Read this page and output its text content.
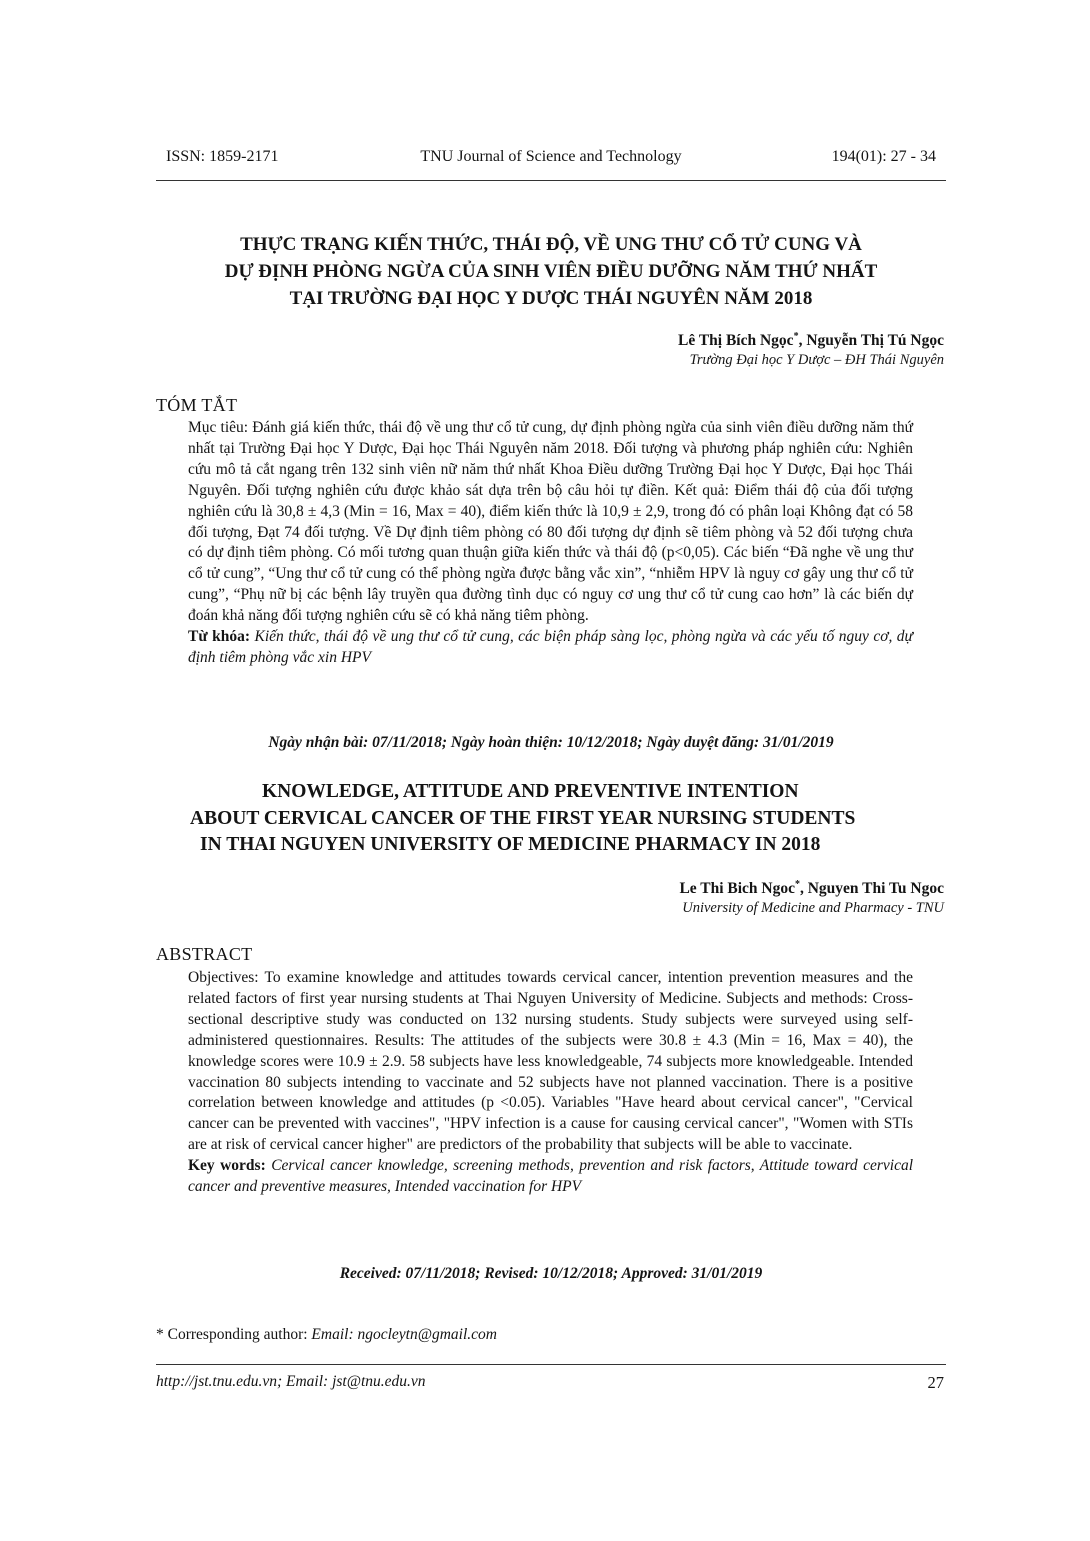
ISSN: 1859-2171	TNU Journal of Science and Technology	194(01): 27 - 34
THỰC TRẠNG KIẾN THỨC, THÁI ĐỘ, VỀ UNG THƯ CỔ TỬ CUNG VÀ
DỰ ĐỊNH PHÒNG NGỪA CỦA SINH VIÊN ĐIỀU DƯỠNG NĂM THỨ NHẤT
TẠI TRƯỜNG ĐẠI HỌC Y DƯỢC THÁI NGUYÊN NĂM 2018
Lê Thị Bích Ngọc*, Nguyễn Thị Tú Ngọc
Trường Đại học Y Dược – ĐH Thái Nguyên
TÓM TẮT
Mục tiêu: Đánh giá kiến thức, thái độ về ung thư cổ tử cung, dự định phòng ngừa của sinh viên điều dưỡng năm thứ nhất tại Trường Đại học Y Dược, Đại học Thái Nguyên năm 2018. Đối tượng và phương pháp nghiên cứu: Nghiên cứu mô tả cắt ngang trên 132 sinh viên nữ năm thứ nhất Khoa Điều dưỡng Trường Đại học Y Dược, Đại học Thái Nguyên. Đối tượng nghiên cứu được khảo sát dựa trên bộ câu hỏi tự điền. Kết quả: Điểm thái độ của đối tượng nghiên cứu là 30,8 ± 4,3 (Min = 16, Max = 40), điểm kiến thức là 10,9 ± 2,9, trong đó có phân loại Không đạt có 58 đối tượng, Đạt 74 đối tượng. Về Dự định tiêm phòng có 80 đối tượng dự định sẽ tiêm phòng và 52 đối tượng chưa có dự định tiêm phòng. Có mối tương quan thuận giữa kiến thức và thái độ (p<0,05). Các biến “Đã nghe về ung thư cổ tử cung”, “Ung thư cổ tử cung có thể phòng ngừa được bằng vắc xin”, “nhiễm HPV là nguy cơ gây ung thư cổ tử cung”, “Phụ nữ bị các bệnh lây truyền qua đường tình dục có nguy cơ ung thư cổ tử cung cao hơn” là các biến dự đoán khả năng đối tượng nghiên cứu sẽ có khả năng tiêm phòng.
Từ khóa: Kiến thức, thái độ về ung thư cổ tử cung, các biện pháp sàng lọc, phòng ngừa và các yếu tố nguy cơ, dự định tiêm phòng vắc xin HPV
Ngày nhận bài: 07/11/2018; Ngày hoàn thiện: 10/12/2018; Ngày duyệt đăng: 31/01/2019
KNOWLEDGE, ATTITUDE AND PREVENTIVE INTENTION
ABOUT CERVICAL CANCER OF THE FIRST YEAR NURSING STUDENTS
IN THAI NGUYEN UNIVERSITY OF MEDICINE PHARMACY IN 2018
Le Thi Bich Ngoc*, Nguyen Thi Tu Ngoc
University of Medicine and Pharmacy - TNU
ABSTRACT
Objectives: To examine knowledge and attitudes towards cervical cancer, intention prevention measures and the related factors of first year nursing students at Thai Nguyen University of Medicine. Subjects and methods: Cross-sectional descriptive study was conducted on 132 nursing students. Study subjects were surveyed using self-administered questionnaires. Results: The attitudes of the subjects were 30.8 ± 4.3 (Min = 16, Max = 40), the knowledge scores were 10.9 ± 2.9. 58 subjects have less knowledgeable, 74 subjects more knowledgeable. Intended vaccination 80 subjects intending to vaccinate and 52 subjects have not planned vaccination. There is a positive correlation between knowledge and attitudes (p <0.05). Variables "Have heard about cervical cancer", "Cervical cancer can be prevented with vaccines", "HPV infection is a cause for causing cervical cancer", "Women with STIs are at risk of cervical cancer higher" are predictors of the probability that subjects will be able to vaccinate.
Key words: Cervical cancer knowledge, screening methods, prevention and risk factors, Attitude toward cervical cancer and preventive measures, Intended vaccination for HPV
Received: 07/11/2018; Revised: 10/12/2018; Approved: 31/01/2019
* Corresponding author: Email: ngocleytn@gmail.com
http://jst.tnu.edu.vn; Email: jst@tnu.edu.vn	27
